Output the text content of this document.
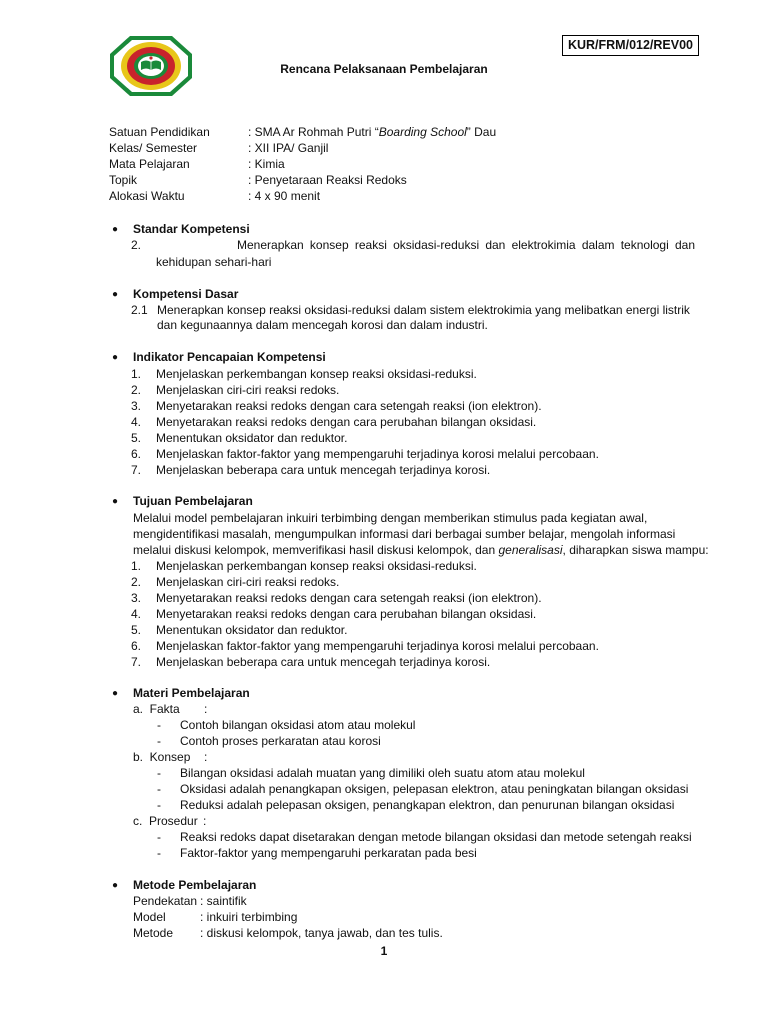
KUR/FRM/012/REV00
Rencana Pelaksanaan Pembelajaran
Satuan Pendidikan	: SMA Ar Rohmah Putri “Boarding School” Dau
Kelas/ Semester	: XII IPA/ Ganjil
Mata Pelajaran	: Kimia
Topik	: Penyetaraan Reaksi Redoks
Alokasi Waktu	: 4 x 90 menit
● Standar Kompetensi
2.	Menerapkan konsep reaksi oksidasi-reduksi dan elektrokimia dalam teknologi dan
kehidupan sehari-hari
● Kompetensi Dasar
2.1 Menerapkan konsep reaksi oksidasi-reduksi dalam sistem elektrokimia yang melibatkan energi listrik
dan kegunaannya dalam mencegah korosi dan dalam industri.
● Indikator Pencapaian Kompetensi
1. Menjelaskan perkembangan konsep reaksi oksidasi-reduksi.
2. Menjelaskan ciri-ciri reaksi redoks.
3. Menyetarakan reaksi redoks dengan cara setengah reaksi (ion elektron).
4. Menyetarakan reaksi redoks dengan cara perubahan bilangan oksidasi.
5. Menentukan oksidator dan reduktor.
6. Menjelaskan faktor-faktor yang mempengaruhi terjadinya korosi melalui percobaan.
7. Menjelaskan beberapa cara untuk mencegah terjadinya korosi.
● Tujuan Pembelajaran
Melalui model pembelajaran inkuiri terbimbing dengan memberikan stimulus pada kegiatan awal,
mengidentifikasi masalah, mengumpulkan informasi dari berbagai sumber belajar, mengolah informasi
melalui diskusi kelompok, memverifikasi hasil diskusi kelompok, dan generalisasi, diharapkan siswa mampu:
1. Menjelaskan perkembangan konsep reaksi oksidasi-reduksi.
2. Menjelaskan ciri-ciri reaksi redoks.
3. Menyetarakan reaksi redoks dengan cara setengah reaksi (ion elektron).
4. Menyetarakan reaksi redoks dengan cara perubahan bilangan oksidasi.
5. Menentukan oksidator dan reduktor.
6. Menjelaskan faktor-faktor yang mempengaruhi terjadinya korosi melalui percobaan.
7. Menjelaskan beberapa cara untuk mencegah terjadinya korosi.
● Materi Pembelajaran
a.  Fakta :
- Contoh bilangan oksidasi atom atau molekul
- Contoh proses perkaratan atau korosi
b.  Konsep :
- Bilangan oksidasi adalah muatan yang dimiliki oleh suatu atom atau molekul
- Oksidasi adalah penangkapan oksigen, pelepasan elektron, atau peningkatan bilangan oksidasi
- Reduksi adalah pelepasan oksigen, penangkapan elektron, dan penurunan bilangan oksidasi
c.  Prosedur :
- Reaksi redoks dapat disetarakan dengan metode bilangan oksidasi dan metode setengah reaksi
- Faktor-faktor yang mempengaruhi perkaratan pada besi
● Metode Pembelajaran
Pendekatan : saintifik
Model	: inkuiri terbimbing
Metode : diskusi kelompok, tanya jawab, dan tes tulis.
1
